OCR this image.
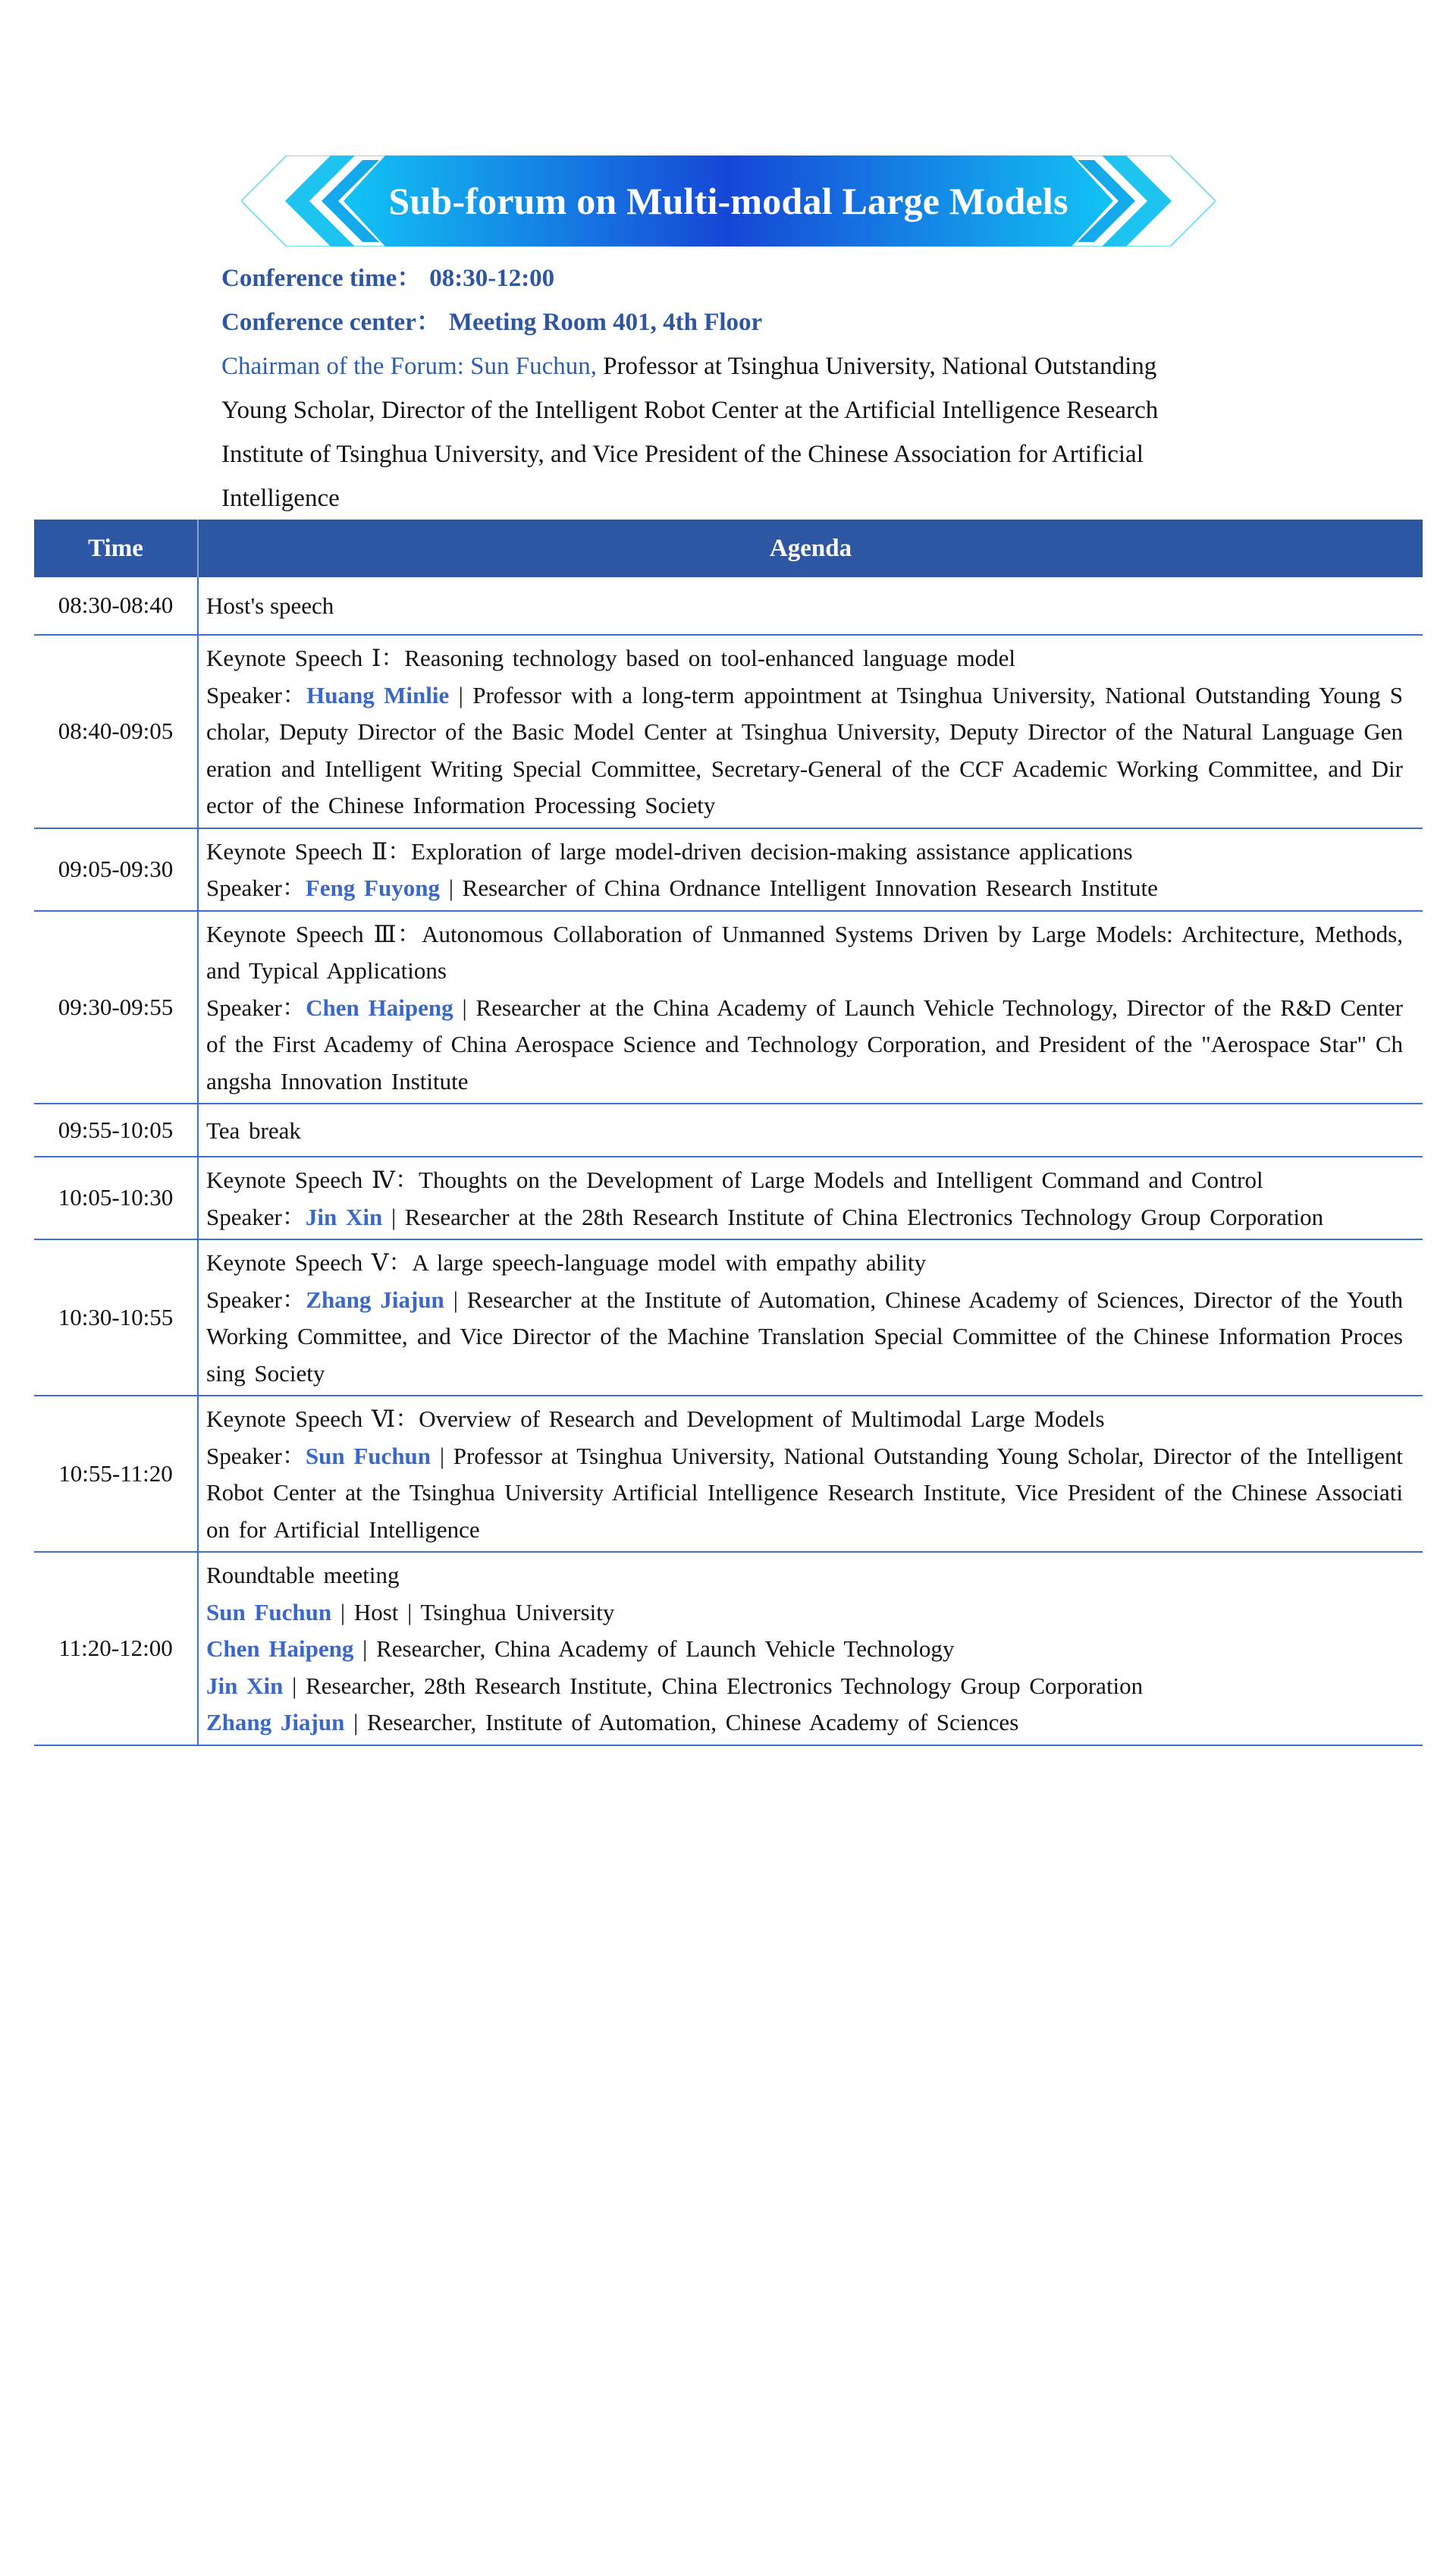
Sub-forum on Multi-modal Large Models
Conference time： 08:30-12:00
Conference center： Meeting Room 401, 4th Floor
Chairman of the Forum: Sun Fuchun, Professor at Tsinghua University, National Outstanding Young Scholar, Director of the Intelligent Robot Center at the Artificial Intelligence Research Institute of Tsinghua University, and Vice President of the Chinese Association for Artificial Intelligence
Time	Agenda
08:30-08:40	Host's speech

08:40-09:05	Keynote Speech Ⅰ：Reasoning technology based on tool-enhanced language model
Speaker：Huang Minlie | Professor with a long-term appointment at Tsinghua University, National Outstanding Young Scholar, Deputy Director of the Basic Model Center at Tsinghua University, Deputy Director of the Natural Language Generation and Intelligent Writing Special Committee, Secretary-General of the CCF Academic Working Committee, and Director of the Chinese Information Processing Society

09:05-09:30	Keynote Speech Ⅱ：Exploration of large model-driven decision-making assistance applications
Speaker：Feng Fuyong | Researcher of China Ordnance Intelligent Innovation Research Institute

09:30-09:55	Keynote Speech Ⅲ：Autonomous Collaboration of Unmanned Systems Driven by Large Models: Architecture, Methods, and Typical Applications
Speaker：Chen Haipeng | Researcher at the China Academy of Launch Vehicle Technology, Director of the R&D Center of the First Academy of China Aerospace Science and Technology Corporation, and President of the "Aerospace Star" Changsha Innovation Institute

09:55-10:05	Tea break

10:05-10:30	Keynote Speech Ⅳ：Thoughts on the Development of Large Models and Intelligent Command and Control
Speaker：Jin Xin | Researcher at the 28th Research Institute of China Electronics Technology Group Corporation

10:30-10:55	Keynote Speech Ⅴ：A large speech-language model with empathy ability
Speaker：Zhang Jiajun | Researcher at the Institute of Automation, Chinese Academy of Sciences, Director of the Youth Working Committee, and Vice Director of the Machine Translation Special Committee of the Chinese Information Processing Society

10:55-11:20	Keynote Speech Ⅵ：Overview of Research and Development of Multimodal Large Models
Speaker：Sun Fuchun | Professor at Tsinghua University, National Outstanding Young Scholar, Director of the Intelligent Robot Center at the Tsinghua University Artificial Intelligence Research Institute, Vice President of the Chinese Association for Artificial Intelligence

11:20-12:00	Roundtable meeting
Sun Fuchun | Host | Tsinghua University
Chen Haipeng | Researcher, China Academy of Launch Vehicle Technology
Jin Xin | Researcher, 28th Research Institute, China Electronics Technology Group Corporation
Zhang Jiajun | Researcher, Institute of Automation, Chinese Academy of Sciences
